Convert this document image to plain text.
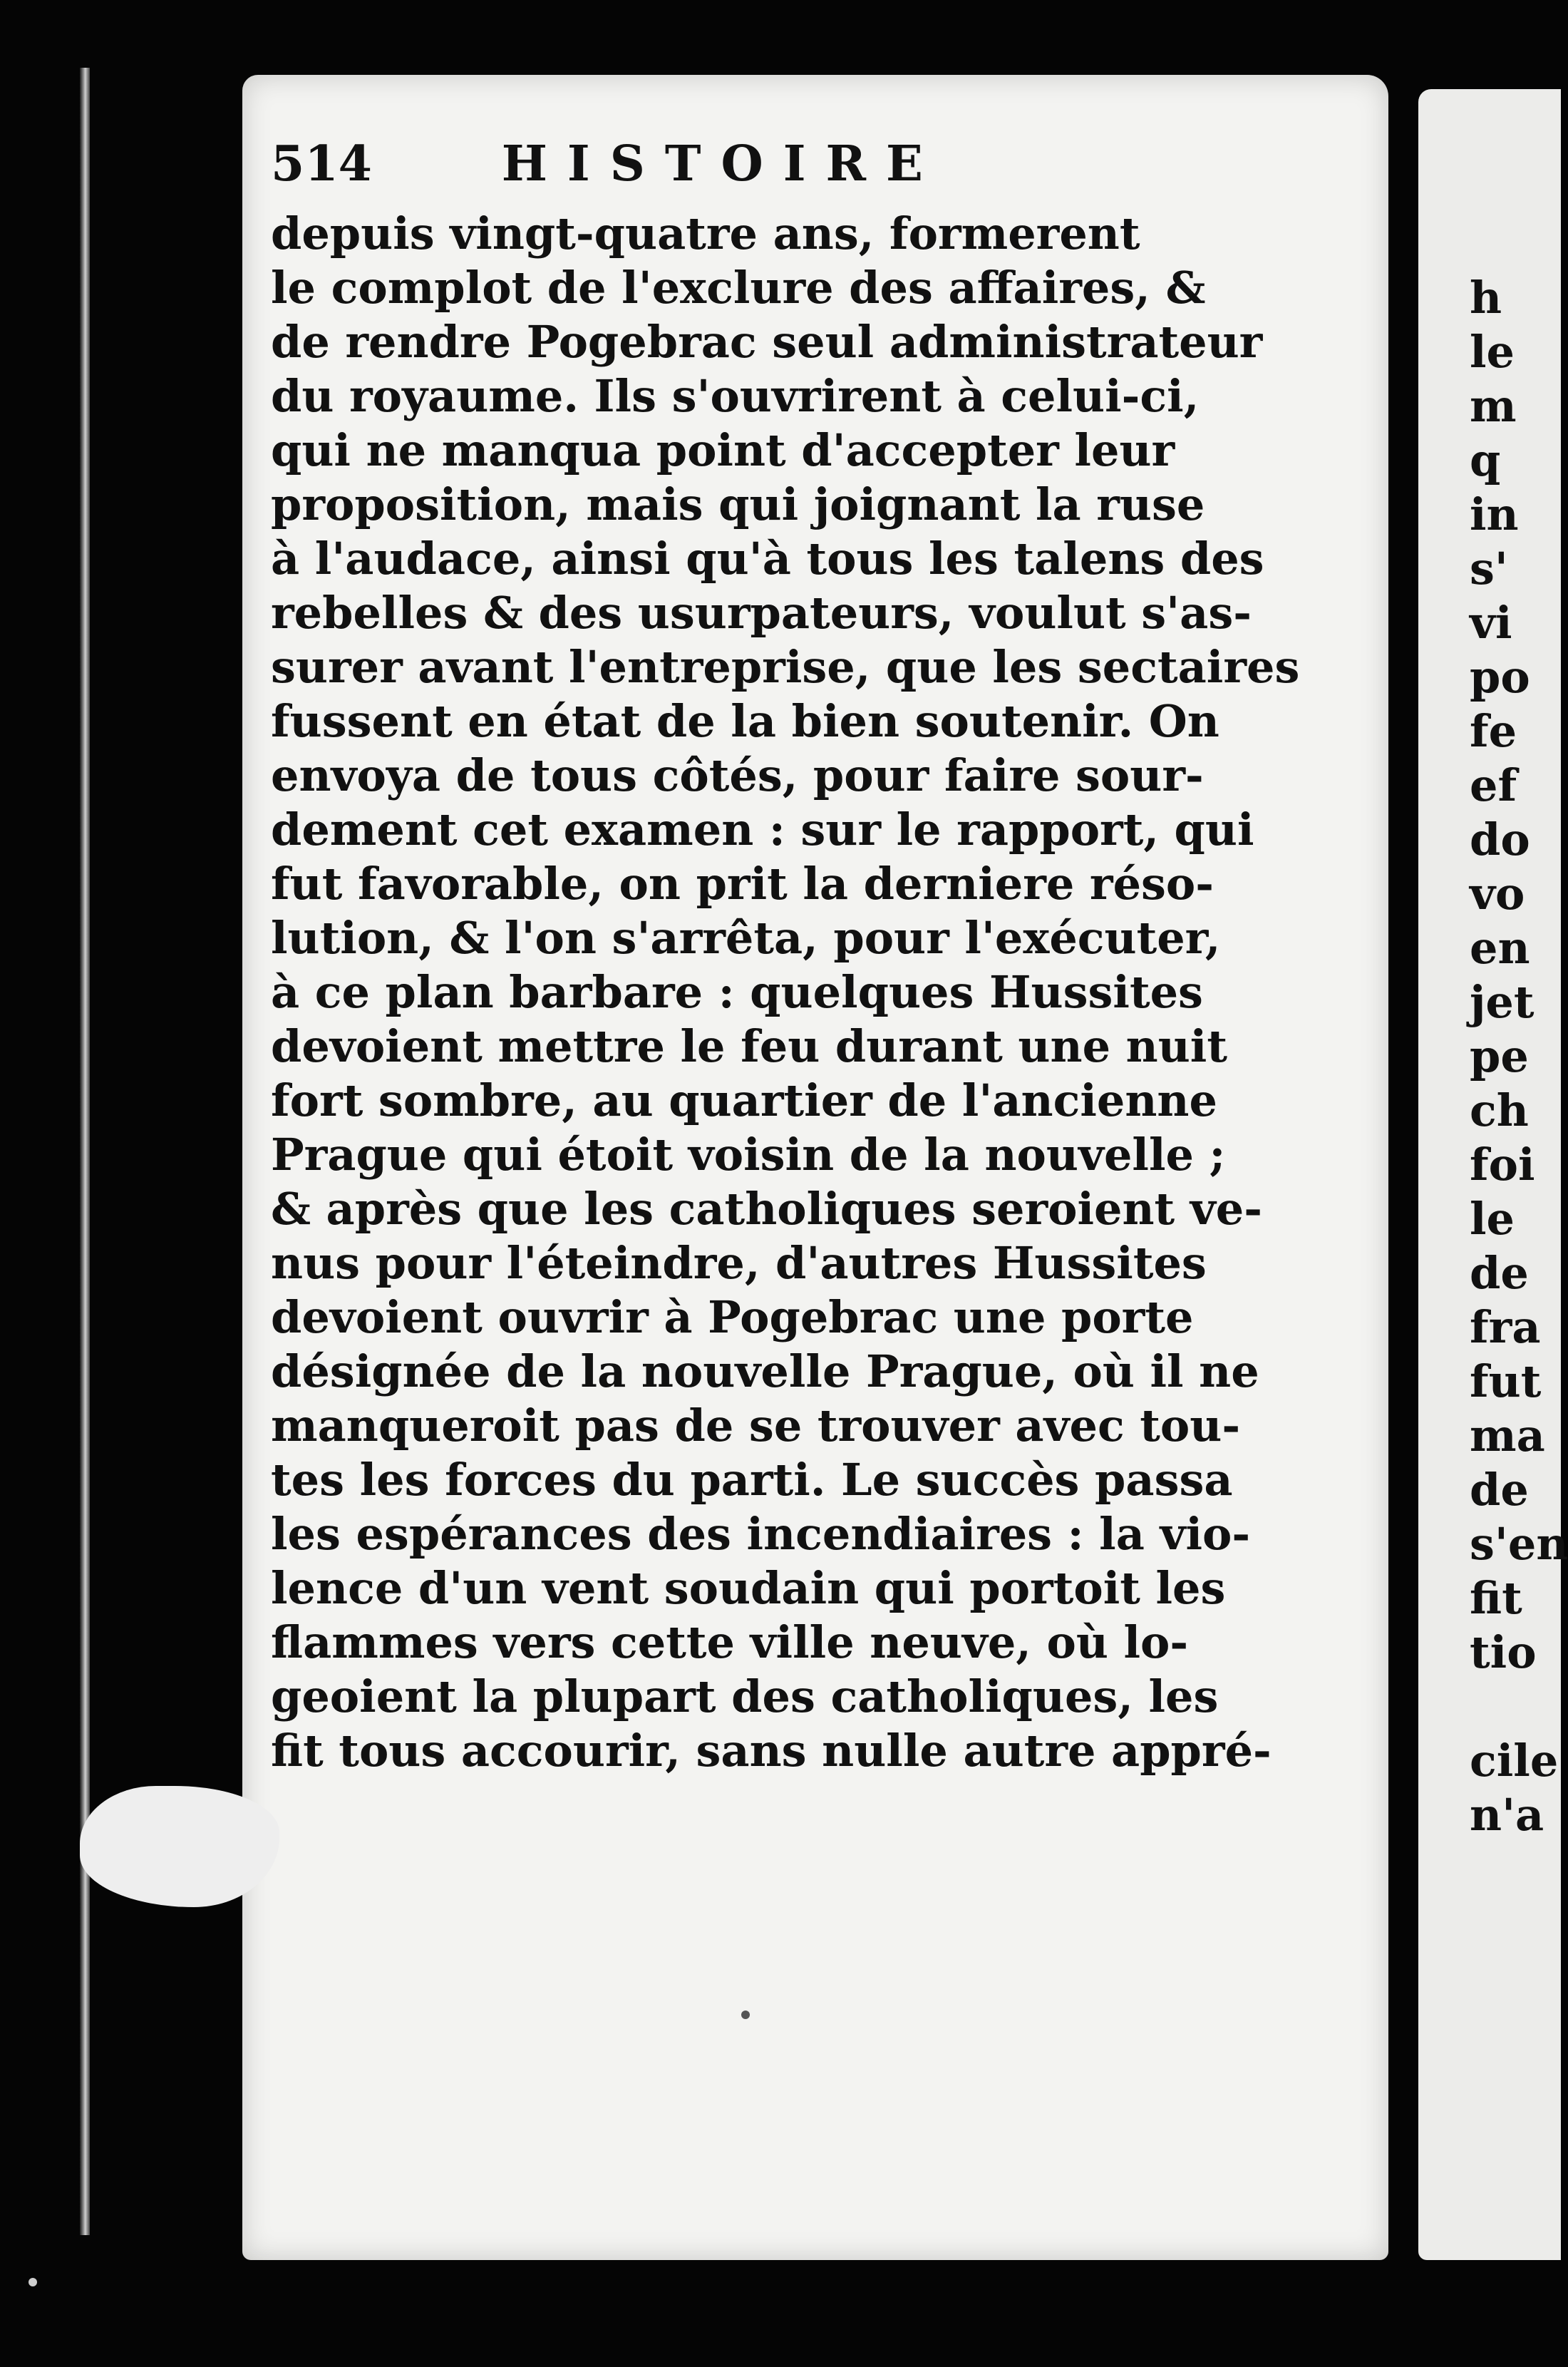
514	HISTOIRE
depuis vingt-quatre ans, formerent
le complot de l'exclure des affaires, &
de rendre Pogebrac seul administrateur
du royaume. Ils s'ouvrirent à celui-ci,
qui ne manqua point d'accepter leur
proposition, mais qui joignant la ruse
à l'audace, ainsi qu'à tous les talens des
rebelles & des usurpateurs, voulut s'as-
surer avant l'entreprise, que les sectaires
fussent en état de la bien soutenir. On
envoya de tous côtés, pour faire sour-
dement cet examen : sur le rapport, qui
fut favorable, on prit la derniere réso-
lution, & l'on s'arrêta, pour l'exécuter,
à ce plan barbare : quelques Hussites
devoient mettre le feu durant une nuit
fort sombre, au quartier de l'ancienne
Prague qui étoit voisin de la nouvelle ;
& après que les catholiques seroient ve-
nus pour l'éteindre, d'autres Hussites
devoient ouvrir à Pogebrac une porte
désignée de la nouvelle Prague, où il ne
manqueroit pas de se trouver avec tou-
tes les forces du parti. Le succès passa
les espérances des incendiaires : la vio-
lence d'un vent soudain qui portoit les
flammes vers cette ville neuve, où lo-
geoient la plupart des catholiques, les
fit tous accourir, sans nulle autre appré-
h
le
m
q
in
s'
vi
po
fe
ef
do
vo
en
jet
pe
ch
foi
le
de
fra
fut
ma
de
s'en
fit
tio
cile
n'a
